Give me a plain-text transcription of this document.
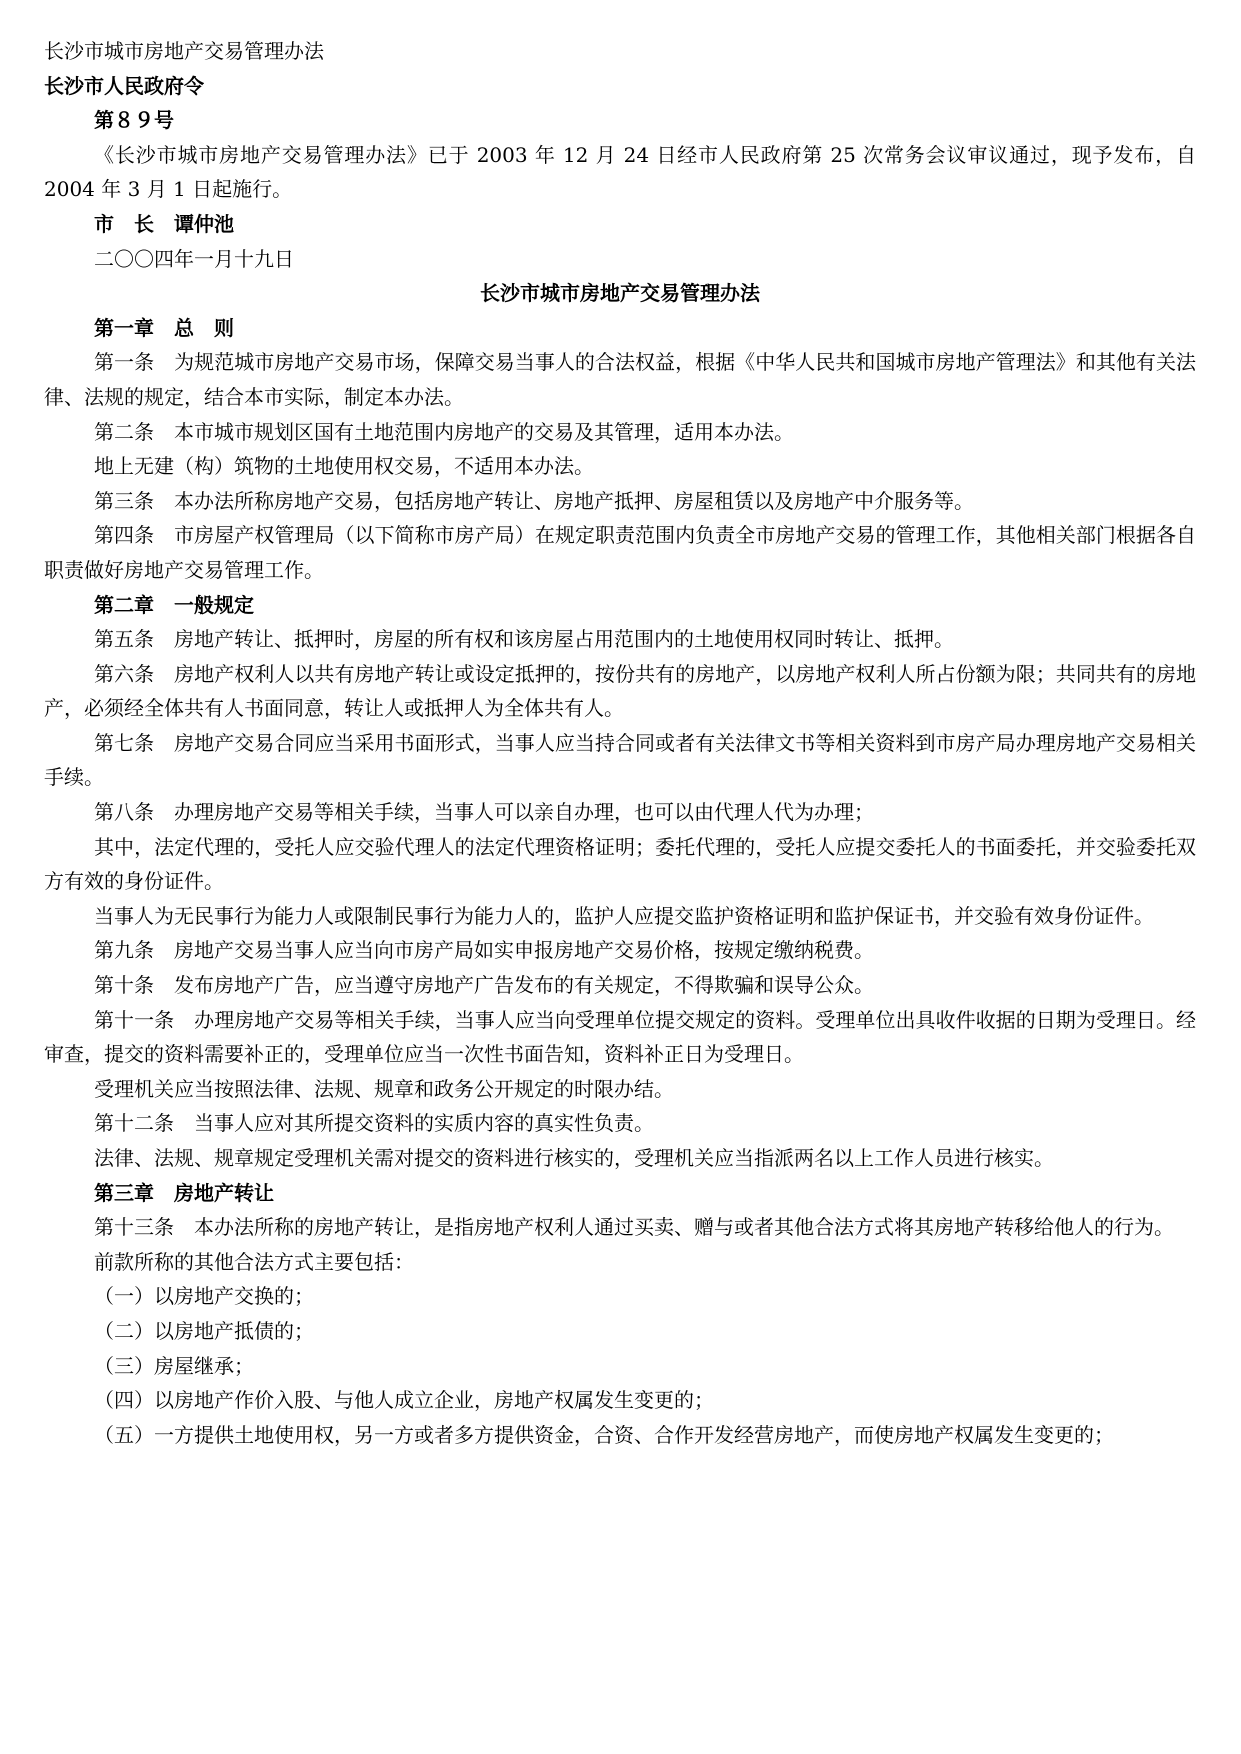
长沙市城市房地产交易管理办法

长沙市人民政府令

第８９号

《长沙市城市房地产交易管理办法》已于 2003 年 12 月 24 日经市人民政府第 25 次常务会议审议通过，现予发布，自 2004 年 3 月 1 日起施行。

市　长　谭仲池

二〇〇四年一月十九日

长沙市城市房地产交易管理办法

第一章　总　则

第一条　为规范城市房地产交易市场，保障交易当事人的合法权益，根据《中华人民共和国城市房地产管理法》和其他有关法律、法规的规定，结合本市实际，制定本办法。

第二条　本市城市规划区国有土地范围内房地产的交易及其管理，适用本办法。

地上无建（构）筑物的土地使用权交易，不适用本办法。

第三条　本办法所称房地产交易，包括房地产转让、房地产抵押、房屋租赁以及房地产中介服务等。

第四条　市房屋产权管理局（以下简称市房产局）在规定职责范围内负责全市房地产交易的管理工作，其他相关部门根据各自职责做好房地产交易管理工作。

第二章　一般规定

第五条　房地产转让、抵押时，房屋的所有权和该房屋占用范围内的土地使用权同时转让、抵押。

第六条　房地产权利人以共有房地产转让或设定抵押的，按份共有的房地产，以房地产权利人所占份额为限；共同共有的房地产，必须经全体共有人书面同意，转让人或抵押人为全体共有人。

第七条　房地产交易合同应当采用书面形式，当事人应当持合同或者有关法律文书等相关资料到市房产局办理房地产交易相关手续。

第八条　办理房地产交易等相关手续，当事人可以亲自办理，也可以由代理人代为办理；

其中，法定代理的，受托人应交验代理人的法定代理资格证明；委托代理的，受托人应提交委托人的书面委托，并交验委托双方有效的身份证件。

当事人为无民事行为能力人或限制民事行为能力人的，监护人应提交监护资格证明和监护保证书，并交验有效身份证件。

第九条　房地产交易当事人应当向市房产局如实申报房地产交易价格，按规定缴纳税费。

第十条　发布房地产广告，应当遵守房地产广告发布的有关规定，不得欺骗和误导公众。

第十一条　办理房地产交易等相关手续，当事人应当向受理单位提交规定的资料。受理单位出具收件收据的日期为受理日。经审查，提交的资料需要补正的，受理单位应当一次性书面告知，资料补正日为受理日。

受理机关应当按照法律、法规、规章和政务公开规定的时限办结。

第十二条　当事人应对其所提交资料的实质内容的真实性负责。

法律、法规、规章规定受理机关需对提交的资料进行核实的，受理机关应当指派两名以上工作人员进行核实。

第三章　房地产转让

第十三条　本办法所称的房地产转让，是指房地产权利人通过买卖、赠与或者其他合法方式将其房地产转移给他人的行为。

前款所称的其他合法方式主要包括：

（一）以房地产交换的；

（二）以房地产抵债的；

（三）房屋继承；

（四）以房地产作价入股、与他人成立企业，房地产权属发生变更的；

（五）一方提供土地使用权，另一方或者多方提供资金，合资、合作开发经营房地产，而使房地产权属发生变更的；
